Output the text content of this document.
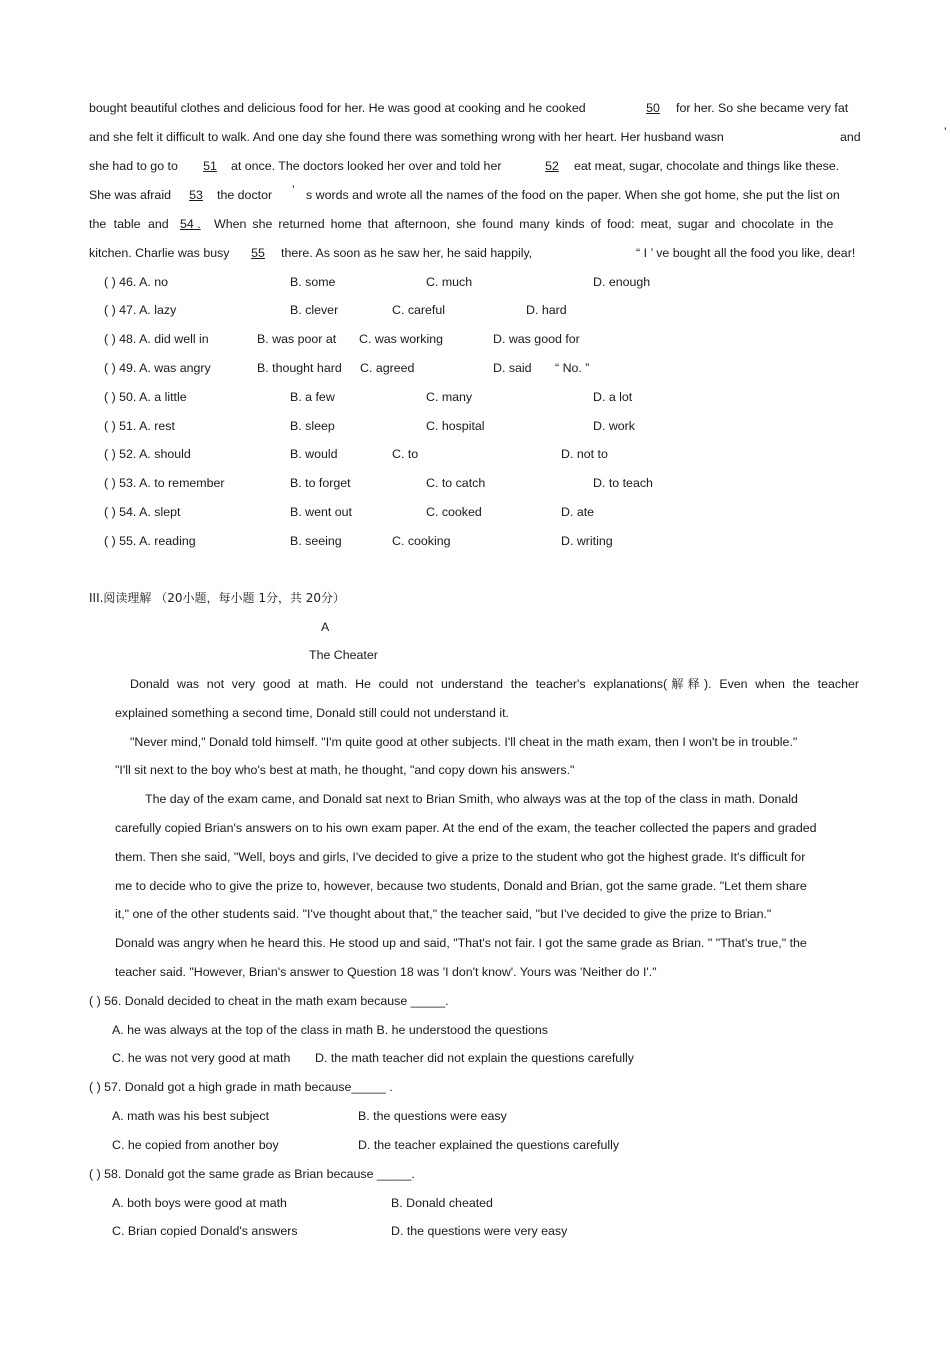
bought beautiful clothes and delicious food for her. He was good at cooking and he cooked	50	for her. So she became very fat
and she felt it difficult to walk. And one day she found there was something wrong with her heart. Her husband wasn	and	’
she had to go to	51	at once. The doctors looked her over and told her	52	eat meat, sugar, chocolate and things like these.
She was afraid	53	the doctor ’ s words and wrote all the names of the food on the paper. When she got home, she put the list on
the table and 54 . When she returned home that afternoon, she found many kinds of food: meat, sugar and chocolate in the
kitchen. Charlie was busy	55	there. As soon as he saw her, he said happily,	“ I ’ ve bought all the food you like, dear!
( ) 46. A. no	B. some	C. much	D. enough
( ) 47. A. lazy	B. clever	C. careful	D. hard
( ) 48. A. did well in	B. was poor at C. was working	D. was good for
( ) 49. A. was angry	B. thought hard C. agreed	D. said “ No. ”
( ) 50. A. a little	B. a few	C. many	D. a lot
( ) 51. A. rest	B. sleep	C. hospital	D. work
( ) 52. A. should	B. would	C. to	D. not to
( ) 53. A. to remember	B. to forget	C. to catch	D. to teach
( ) 54. A. slept	B. went out	C. cooked	D. ate
( ) 55. A. reading	B. seeing	C. cooking	D. writing
III.阅读理解 （20小题，每小题 1分，共 20分）
A
The Cheater
Donald was not very good at math. He could not understand the teacher's explanations(解释). Even when the teacher
explained something a second time, Donald still could not understand it.
"Never mind," Donald told himself. "I'm quite good at other subjects. I'll cheat in the math exam, then I won't be in trouble."
"I'll sit next to the boy who's best at math, he thought, "and copy down his answers."
The day of the exam came, and Donald sat next to Brian Smith, who always was at the top of the class in math. Donald
carefully copied Brian's answers on to his own exam paper. At the end of the exam, the teacher collected the papers and graded
them. Then she said, "Well, boys and girls, I've decided to give a prize to the student who got the highest grade. It's difficult for
me to decide who to give the prize to, however, because two students, Donald and Brian, got the same grade. "Let them share
it," one of the other students said. "I've thought about that," the teacher said, "but I've decided to give the prize to Brian."
Donald was angry when he heard this. He stood up and said, "That's not fair. I got the same grade as Brian. " "That's true," the
teacher said. "However, Brian's answer to Question 18 was 'I don't know'. Yours was 'Neither do I'."
( ) 56. Donald decided to cheat in the math exam because _____.
A. he was always at the top of the class in math B. he understood the questions
C. he was not very good at math D. the math teacher did not explain the questions carefully
( ) 57. Donald got a high grade in math because_____ .
A. math was his best subject	B. the questions were easy
C. he copied from another boy	D. the teacher explained the questions carefully
( ) 58. Donald got the same grade as Brian because _____.
A. both boys were good at math	B. Donald cheated
C. Brian copied Donald's answers	D. the questions were very easy
